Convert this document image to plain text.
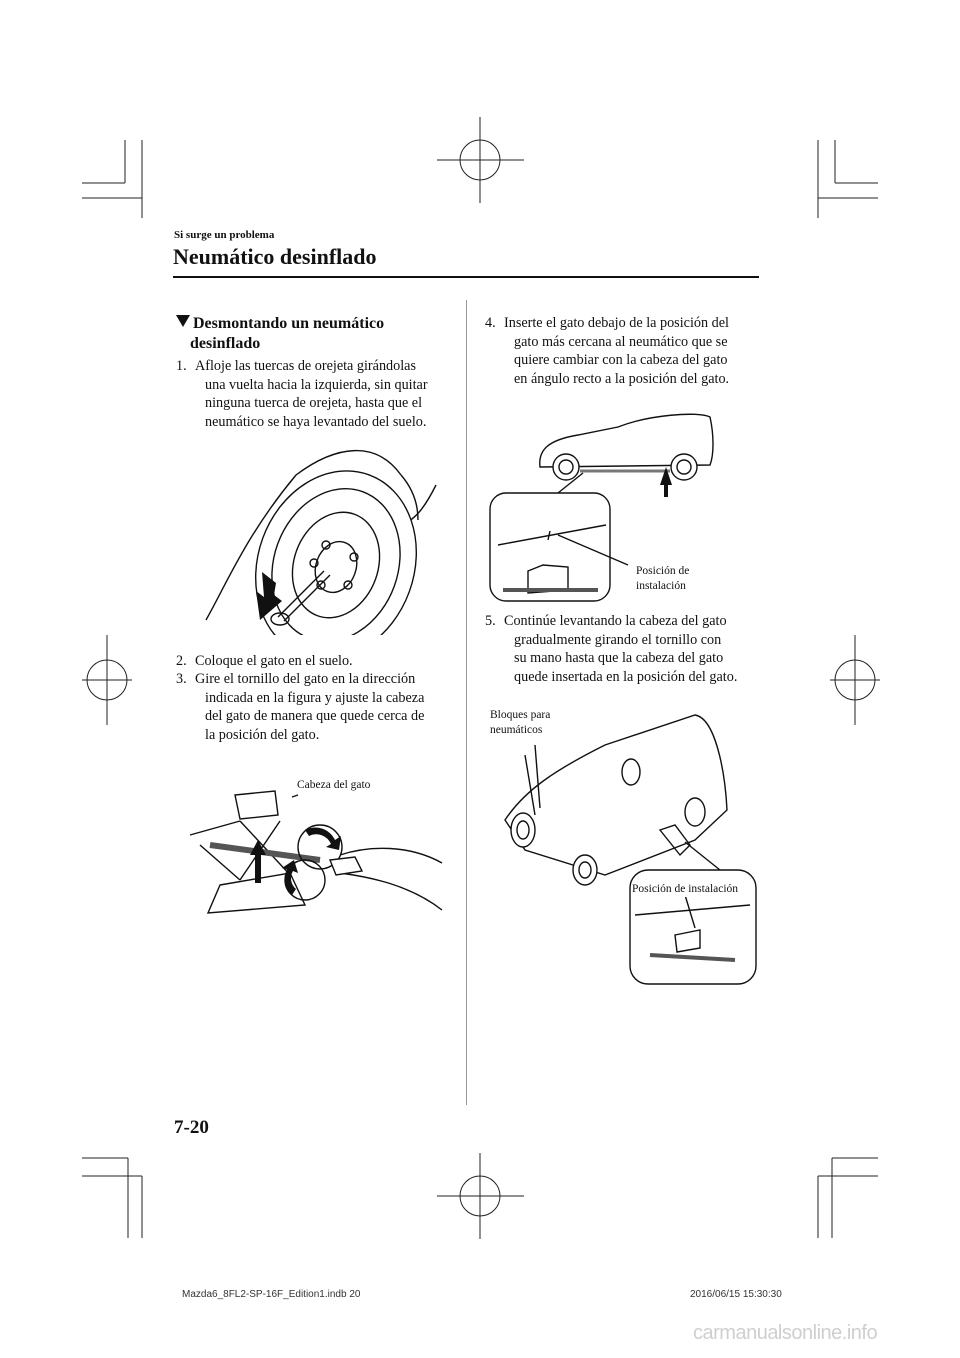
Si surge un problema
Neumático desinflado
Desmontando un neumático
desinflado
1. Afloje las tuercas de orejeta girándolas
una vuelta hacia la izquierda, sin quitar
ninguna tuerca de orejeta, hasta que el
neumático se haya levantado del suelo.
2. Coloque el gato en el suelo.
3. Gire el tornillo del gato en la dirección
indicada en la figura y ajuste la cabeza
del gato de manera que quede cerca de
la posición del gato.
Cabeza del gato
4. Inserte el gato debajo de la posición del
gato más cercana al neumático que se
quiere cambiar con la cabeza del gato
en ángulo recto a la posición del gato.
Posición de
instalación
5. Continúe levantando la cabeza del gato
gradualmente girando el tornillo con
su mano hasta que la cabeza del gato
quede insertada en la posición del gato.
Bloques para
neumáticos
Posición de instalación
7-20
Mazda6_8FL2-SP-16F_Edition1.indb 20	2016/06/15 15:30:30
carmanualsonline.info
